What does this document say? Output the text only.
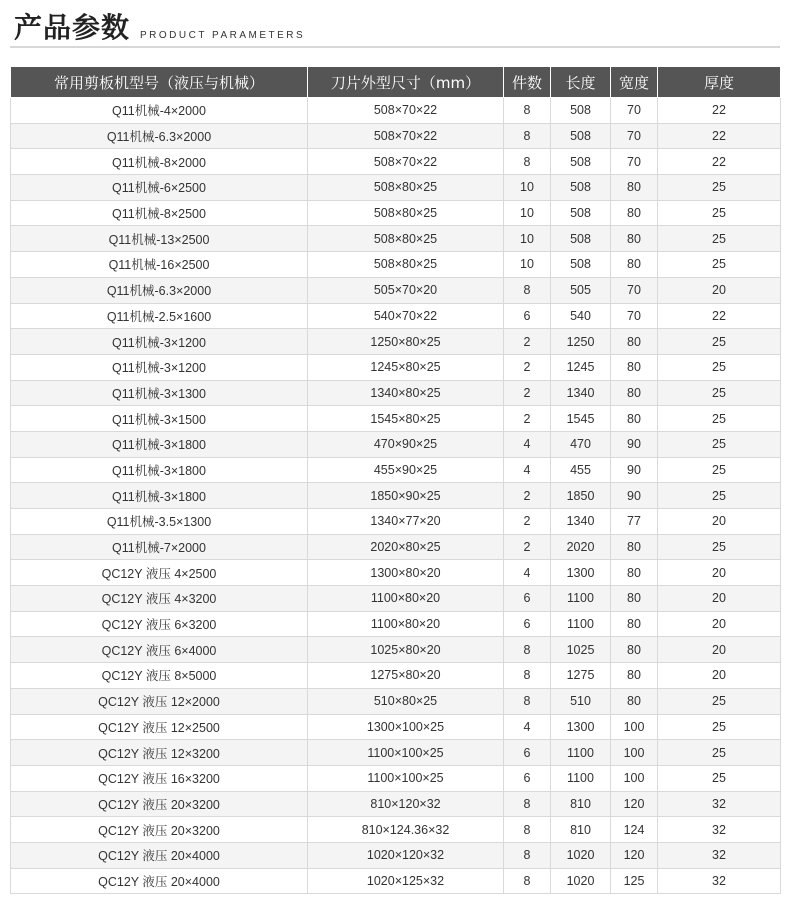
产品参数 PRODUCT PARAMETERS
常用剪板机型号（液压与机械）	刀片外型尺寸（mm）	件数	长度	宽度	厚度
Q11机械-4×2000	508×70×22	8	508	70	22
Q11机械-6.3×2000	508×70×22	8	508	70	22
Q11机械-8×2000	508×70×22	8	508	70	22
Q11机械-6×2500	508×80×25	10	508	80	25
Q11机械-8×2500	508×80×25	10	508	80	25
Q11机械-13×2500	508×80×25	10	508	80	25
Q11机械-16×2500	508×80×25	10	508	80	25
Q11机械-6.3×2000	505×70×20	8	505	70	20
Q11机械-2.5×1600	540×70×22	6	540	70	22
Q11机械-3×1200	1250×80×25	2	1250	80	25
Q11机械-3×1200	1245×80×25	2	1245	80	25
Q11机械-3×1300	1340×80×25	2	1340	80	25
Q11机械-3×1500	1545×80×25	2	1545	80	25
Q11机械-3×1800	470×90×25	4	470	90	25
Q11机械-3×1800	455×90×25	4	455	90	25
Q11机械-3×1800	1850×90×25	2	1850	90	25
Q11机械-3.5×1300	1340×77×20	2	1340	77	20
Q11机械-7×2000	2020×80×25	2	2020	80	25
QC12Y 液压 4×2500	1300×80×20	4	1300	80	20
QC12Y 液压 4×3200	1100×80×20	6	1100	80	20
QC12Y 液压 6×3200	1100×80×20	6	1100	80	20
QC12Y 液压 6×4000	1025×80×20	8	1025	80	20
QC12Y 液压 8×5000	1275×80×20	8	1275	80	20
QC12Y 液压 12×2000	510×80×25	8	510	80	25
QC12Y 液压 12×2500	1300×100×25	4	1300	100	25
QC12Y 液压 12×3200	1100×100×25	6	1100	100	25
QC12Y 液压 16×3200	1100×100×25	6	1100	100	25
QC12Y 液压 20×3200	810×120×32	8	810	120	32
QC12Y 液压 20×3200	810×124.36×32	8	810	124	32
QC12Y 液压 20×4000	1020×120×32	8	1020	120	32
QC12Y 液压 20×4000	1020×125×32	8	1020	125	32
